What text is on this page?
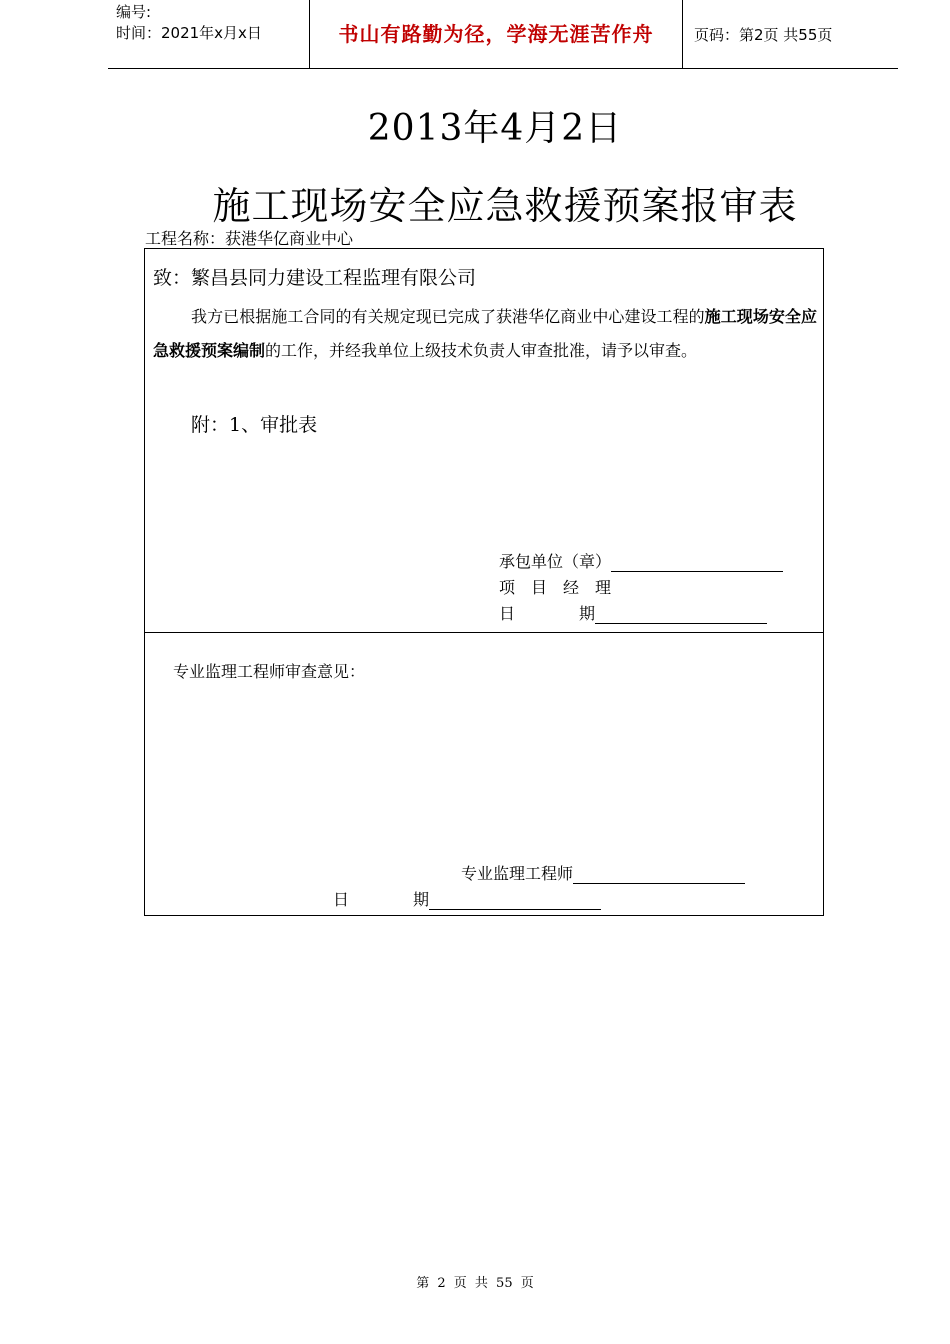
编号:
时间：2021年x月x日	书山有路勤为径，学海无涯苦作舟	页码：第2页 共55页
2013年4月2日
施工现场安全应急救援预案报审表
工程名称：获港华亿商业中心
致：繁昌县同力建设工程监理有限公司
我方已根据施工合同的有关规定现已完成了获港华亿商业中心建设工程的施工现场安全应急救援预案编制的工作，并经我单位上级技术负责人审查批准，请予以审查。
附：1、审批表
承包单位（章）
项　目　经　理
日　　　　期
专业监理工程师审查意见：
专业监理工程师
日　　　　期
第 2 页 共 55 页
